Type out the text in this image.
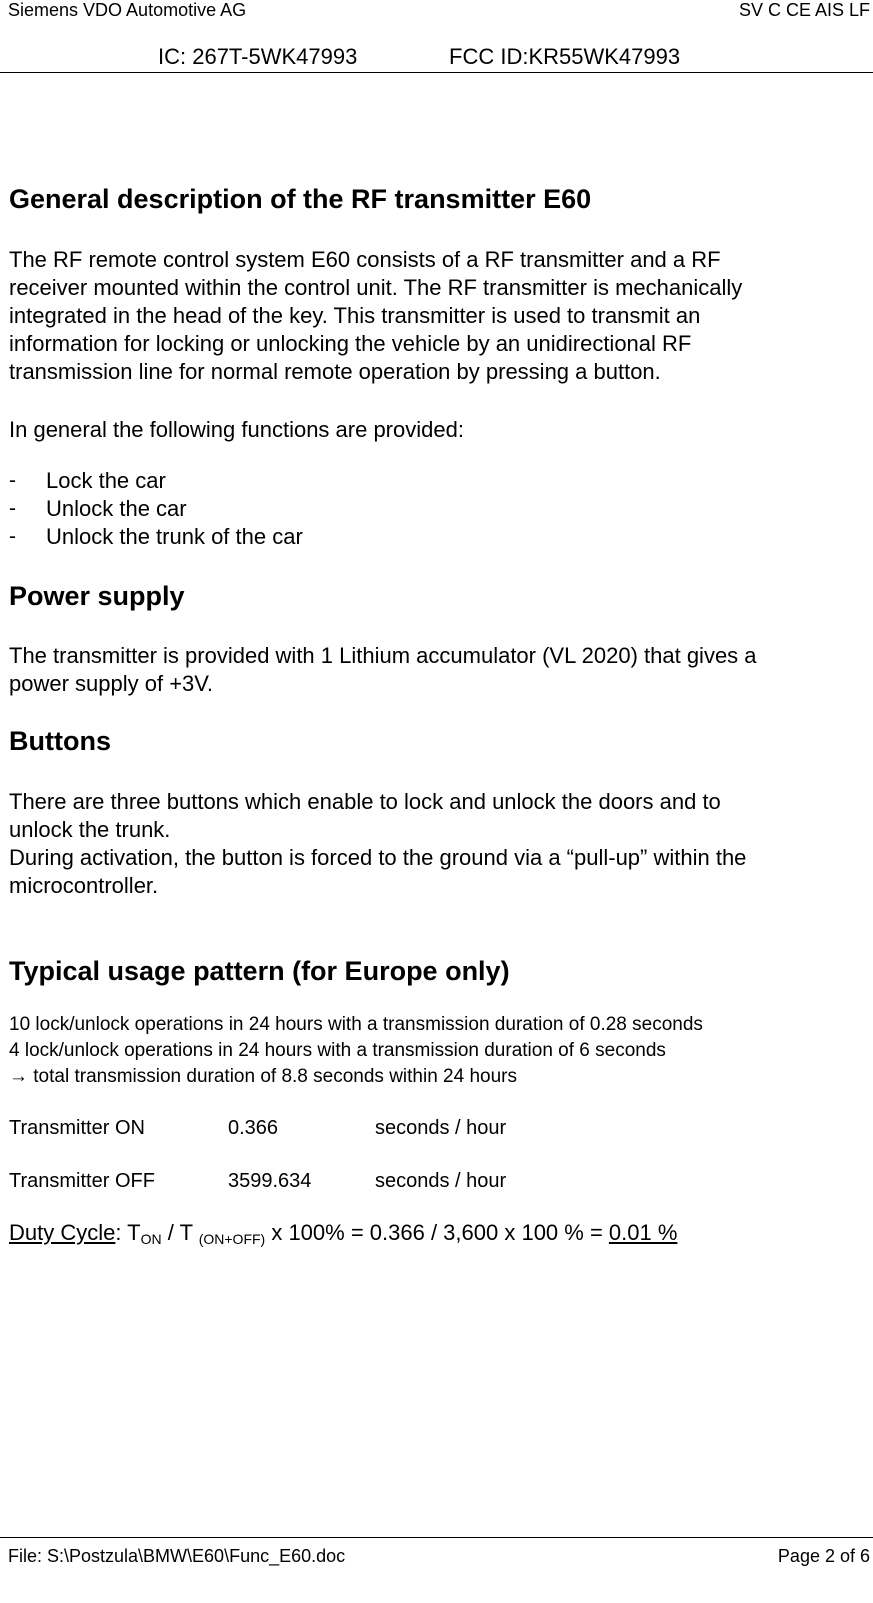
Siemens VDO Automotive AG	SV C CE AIS LF
IC: 267T-5WK47993	FCC ID:KR55WK47993
General description of the RF transmitter E60
The RF remote control system E60 consists of a RF transmitter and a RF
receiver mounted within the control unit. The RF transmitter is mechanically
integrated in the head of the key. This transmitter is used to transmit an
information for locking or unlocking the vehicle by an unidirectional RF
transmission line for normal remote operation by pressing a button.
In general the following functions are provided:
- Lock the car
- Unlock the car
- Unlock the trunk of the car
Power supply
The transmitter is provided with 1 Lithium accumulator (VL 2020) that gives a
power supply of +3V.
Buttons
There are three buttons which enable to lock and unlock the doors and to
unlock the trunk.
During activation, the button is forced to the ground via a “pull-up” within the
microcontroller.
Typical usage pattern (for Europe only)
10 lock/unlock operations in 24 hours with a transmission duration of 0.28 seconds
4 lock/unlock operations in 24 hours with a transmission duration of 6 seconds
→ total transmission duration of 8.8 seconds within 24 hours
Transmitter ON	0.366	seconds / hour
Transmitter OFF	3599.634	seconds / hour
Duty Cycle: $T_{ON}$ / T $_{(ON+OFF)}$ x 100% = 0.366 / 3,600 x 100 % = 0.01 %
File: S:\Postzula\BMW\E60\Func_E60.doc	Page 2 of 6
